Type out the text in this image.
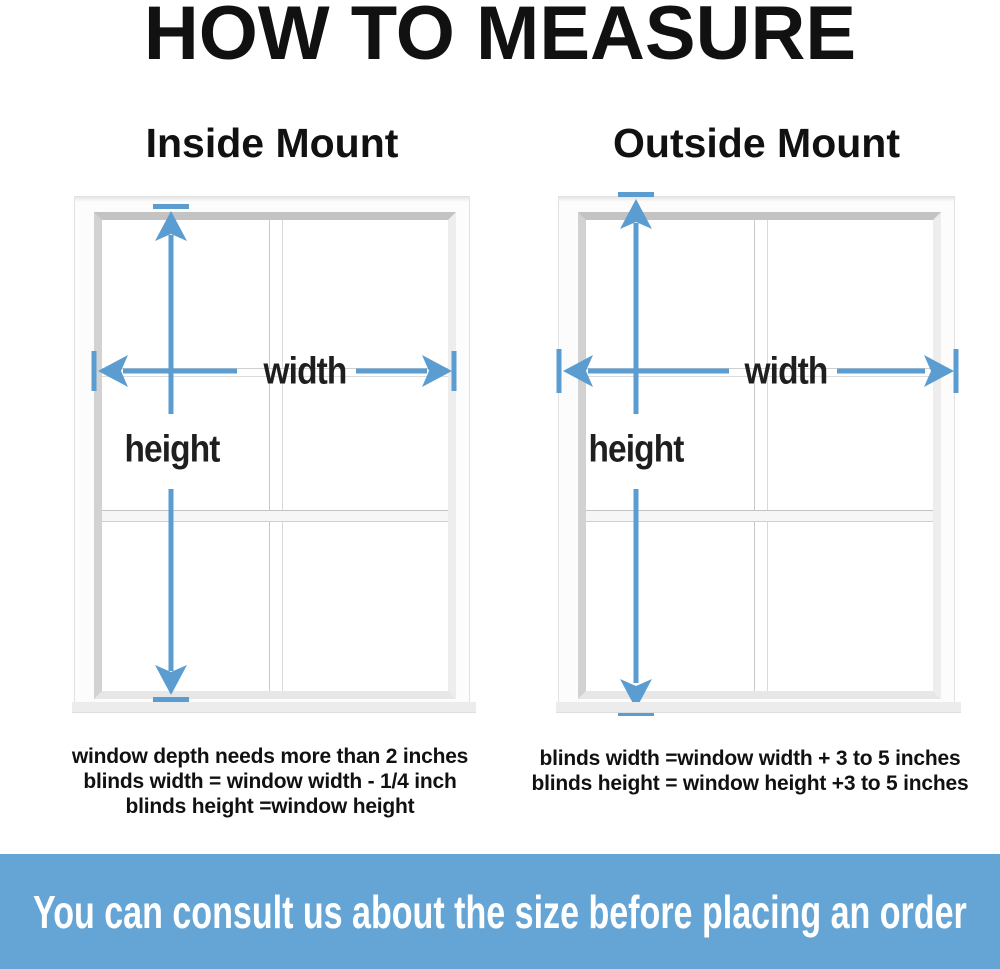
HOW TO MEASURE
Inside Mount	Outside Mount
width
height
width
height
window depth needs more than 2 inches
blinds width = window width - 1/4 inch
blinds height =window height
blinds width =window width + 3 to 5 inches
blinds height = window height +3 to 5 inches
You can consult us about the size before placing an order
